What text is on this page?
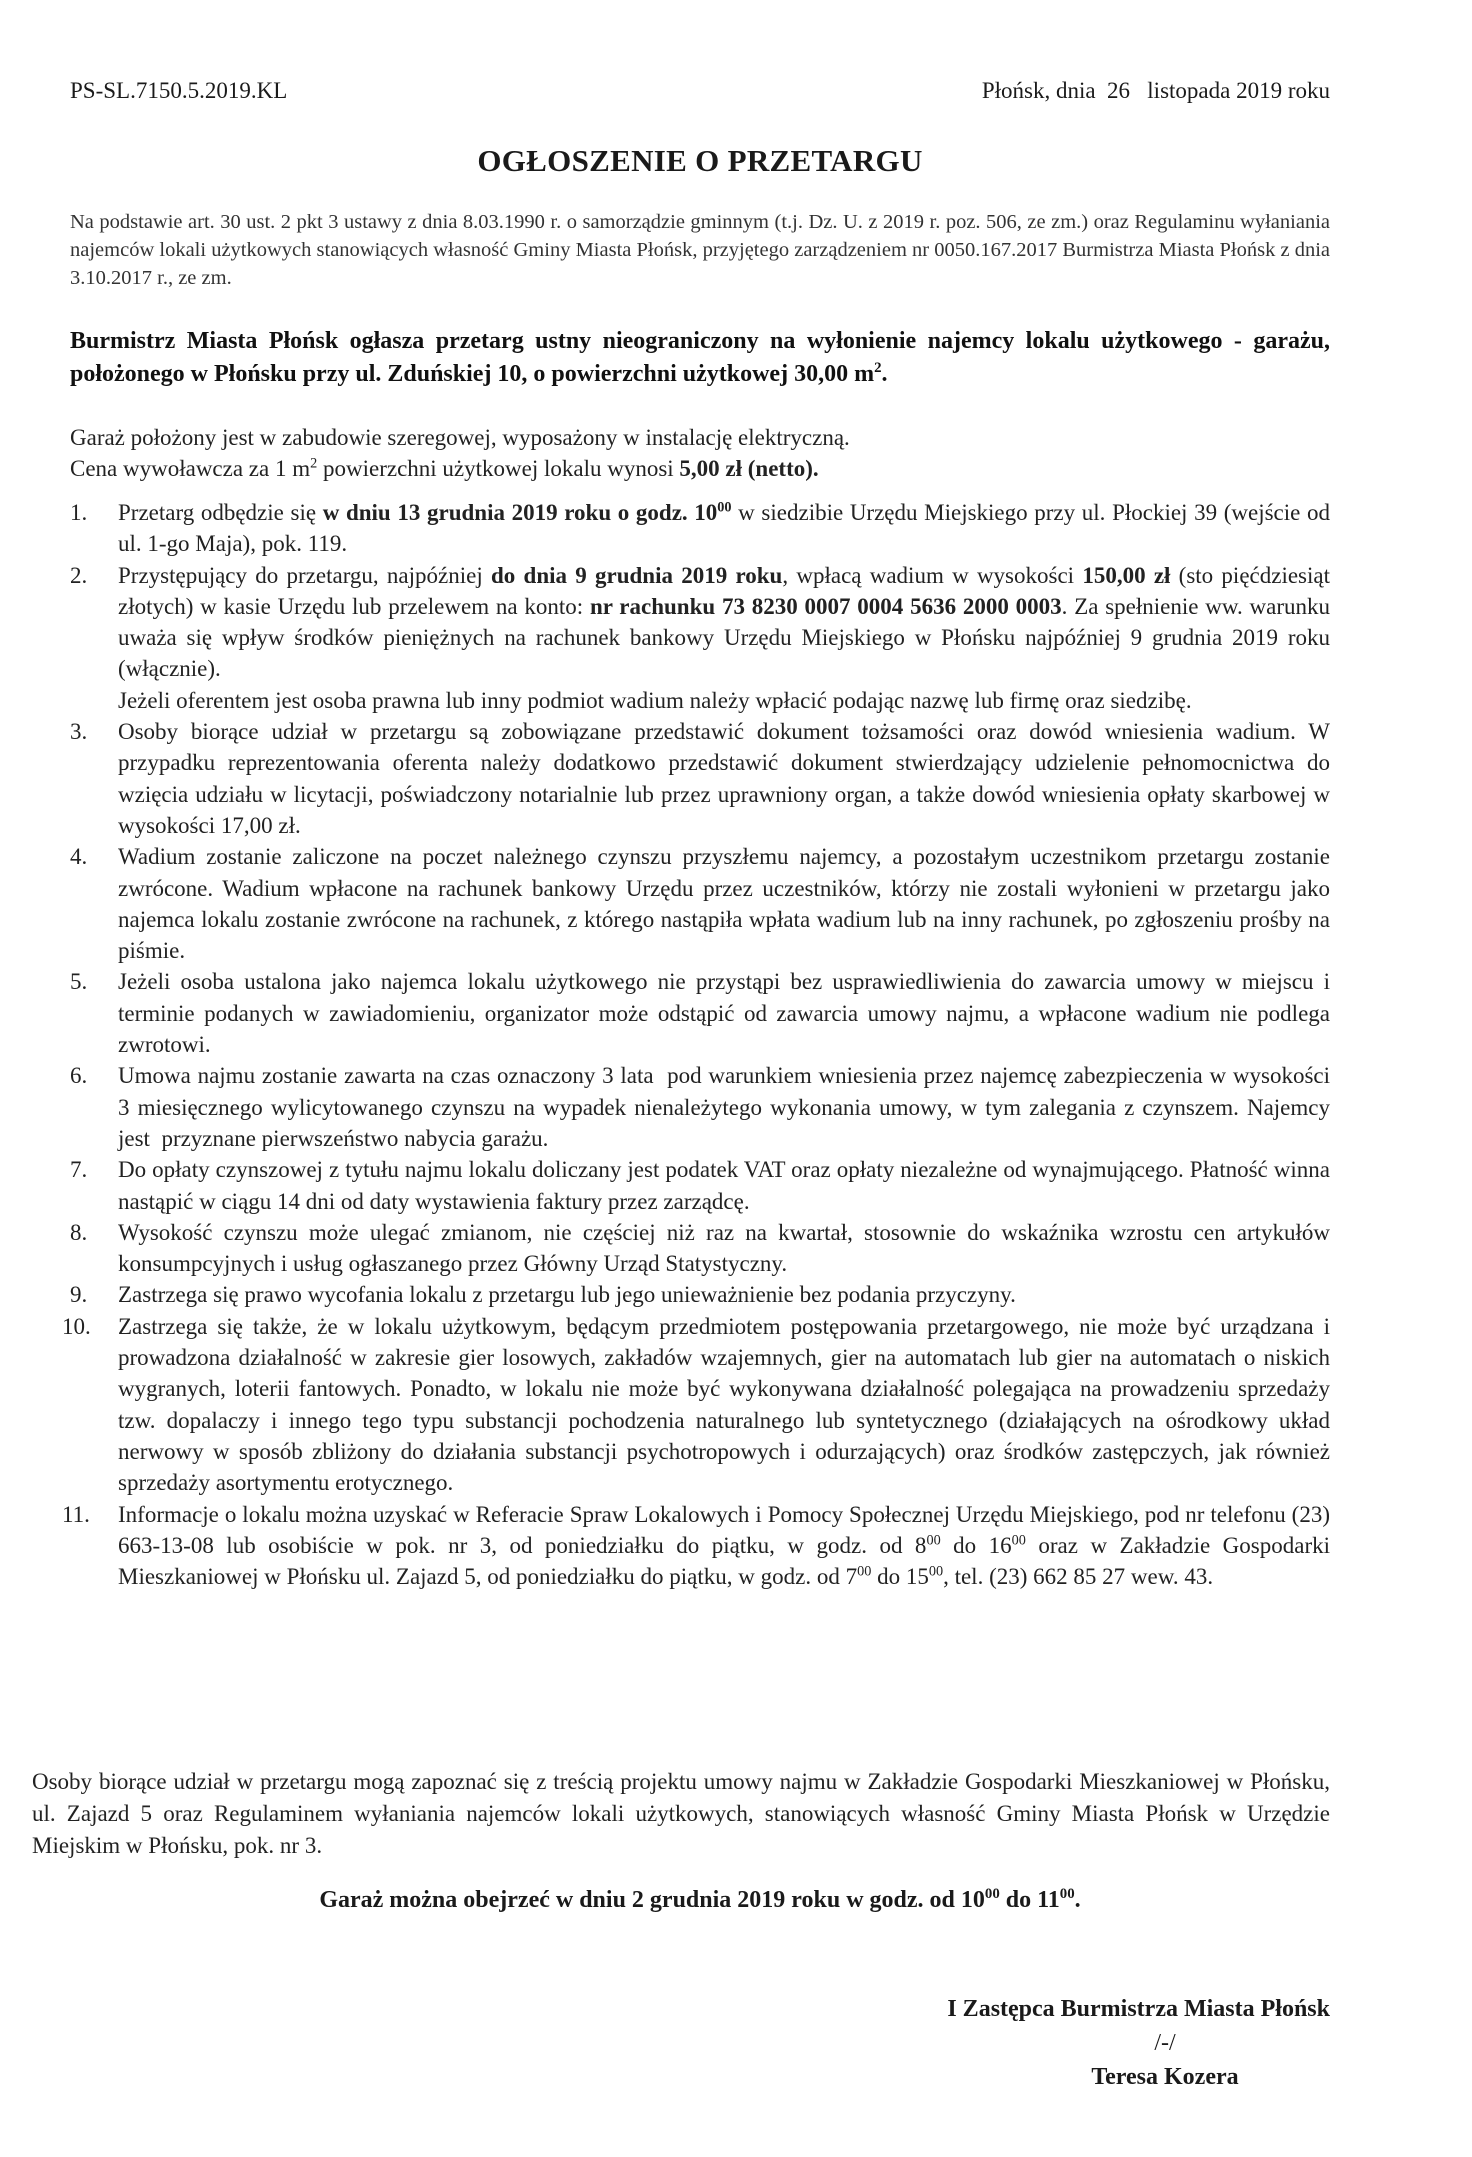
PS-SL.7150.5.2019.KL	Płońsk, dnia  26   listopada 2019 roku
OGŁOSZENIE O PRZETARGU
Na podstawie art. 30 ust. 2 pkt 3 ustawy z dnia 8.03.1990 r. o samorządzie gminnym (t.j. Dz. U. z 2019 r. poz. 506, ze zm.) oraz Regulaminu wyłaniania najemców lokali użytkowych stanowiących własność Gminy Miasta Płońsk, przyjętego zarządzeniem nr 0050.167.2017 Burmistrza Miasta Płońsk z dnia 3.10.2017 r., ze zm.
Burmistrz Miasta Płońsk ogłasza przetarg ustny nieograniczony na wyłonienie najemcy lokalu użytkowego - garażu, położonego w Płońsku przy ul. Zduńskiej 10, o powierzchni użytkowej 30,00 $m^2$.

Garaż położony jest w zabudowie szeregowej, wyposażony w instalację elektryczną.

Cena wywoławcza za 1 $m^2$ powierzchni użytkowej lokalu wynosi 5,00 zł (netto).

1. Przetarg odbędzie się w dniu 13 grudnia 2019 roku o godz. $10^{00}$ w siedzibie Urzędu Miejskiego przy ul. Płockiej 39 (wejście od ul. 1-go Maja), pok. 119.
2. Przystępujący do przetargu, najpóźniej do dnia 9 grudnia 2019 roku, wpłacą wadium w wysokości 150,00 zł (sto pięćdziesiąt złotych) w kasie Urzędu lub przelewem na konto: nr rachunku 73 8230 0007 0004 5636 2000 0003. Za spełnienie ww. warunku uważa się wpływ środków pieniężnych na rachunek bankowy Urzędu Miejskiego w Płońsku najpóźniej 9 grudnia 2019 roku (włącznie).
Jeżeli oferentem jest osoba prawna lub inny podmiot wadium należy wpłacić podając nazwę lub firmę oraz siedzibę.
3. Osoby biorące udział w przetargu są zobowiązane przedstawić dokument tożsamości oraz dowód wniesienia wadium. W przypadku reprezentowania oferenta należy dodatkowo przedstawić dokument stwierdzający udzielenie pełnomocnictwa do wzięcia udziału w licytacji, poświadczony notarialnie lub przez uprawniony organ, a także dowód wniesienia opłaty skarbowej w wysokości 17,00 zł.
4. Wadium zostanie zaliczone na poczet należnego czynszu przyszłemu najemcy, a pozostałym uczestnikom przetargu zostanie zwrócone. Wadium wpłacone na rachunek bankowy Urzędu przez uczestników, którzy nie zostali wyłonieni w przetargu jako najemca lokalu zostanie zwrócone na rachunek, z którego nastąpiła wpłata wadium lub na inny rachunek, po zgłoszeniu prośby na piśmie.
5. Jeżeli osoba ustalona jako najemca lokalu użytkowego nie przystąpi bez usprawiedliwienia do zawarcia umowy w miejscu i terminie podanych w zawiadomieniu, organizator może odstąpić od zawarcia umowy najmu, a wpłacone wadium nie podlega zwrotowi.
6. Umowa najmu zostanie zawarta na czas oznaczony 3 lata  pod warunkiem wniesienia przez najemcę zabezpieczenia w wysokości 3 miesięcznego wylicytowanego czynszu na wypadek nienależytego wykonania umowy, w tym zalegania z czynszem. Najemcy jest  przyznane pierwszeństwo nabycia garażu.
7. Do opłaty czynszowej z tytułu najmu lokalu doliczany jest podatek VAT oraz opłaty niezależne od wynajmującego. Płatność winna nastąpić w ciągu 14 dni od daty wystawienia faktury przez zarządcę.
8. Wysokość czynszu może ulegać zmianom, nie częściej niż raz na kwartał, stosownie do wskaźnika wzrostu cen artykułów konsumpcyjnych i usług ogłaszanego przez Główny Urząd Statystyczny.
9. Zastrzega się prawo wycofania lokalu z przetargu lub jego unieważnienie bez podania przyczyny.
10. Zastrzega się także, że w lokalu użytkowym, będącym przedmiotem postępowania przetargowego, nie może być urządzana i prowadzona działalność w zakresie gier losowych, zakładów wzajemnych, gier na automatach lub gier na automatach o niskich wygranych, loterii fantowych. Ponadto, w lokalu nie może być wykonywana działalność polegająca na prowadzeniu sprzedaży tzw. dopalaczy i innego tego typu substancji pochodzenia naturalnego lub syntetycznego (działających na ośrodkowy układ nerwowy w sposób zbliżony do działania substancji psychotropowych i odurzających) oraz środków zastępczych, jak również sprzedaży asortymentu erotycznego.
11. Informacje o lokalu można uzyskać w Referacie Spraw Lokalowych i Pomocy Społecznej Urzędu Miejskiego, pod nr telefonu (23) 663-13-08 lub osobiście w pok. nr 3, od poniedziałku do piątku, w godz. od $8^{00}$ do $16^{00}$ oraz w Zakładzie Gospodarki Mieszkaniowej w Płońsku ul. Zajazd 5, od poniedziałku do piątku, w godz. od $7^{00}$ do $15^{00}$, tel. (23) 662 85 27 wew. 43.
Osoby biorące udział w przetargu mogą zapoznać się z treścią projektu umowy najmu w Zakładzie Gospodarki Mieszkaniowej w Płońsku, ul. Zajazd 5 oraz Regulaminem wyłaniania najemców lokali użytkowych, stanowiących własność Gminy Miasta Płońsk w Urzędzie Miejskim w Płońsku, pok. nr 3.
Garaż można obejrzeć w dniu 2 grudnia 2019 roku w godz. od $10^{00}$ do $11^{00}$.
I Zastępca Burmistrza Miasta Płońsk
/-/
Teresa Kozera
